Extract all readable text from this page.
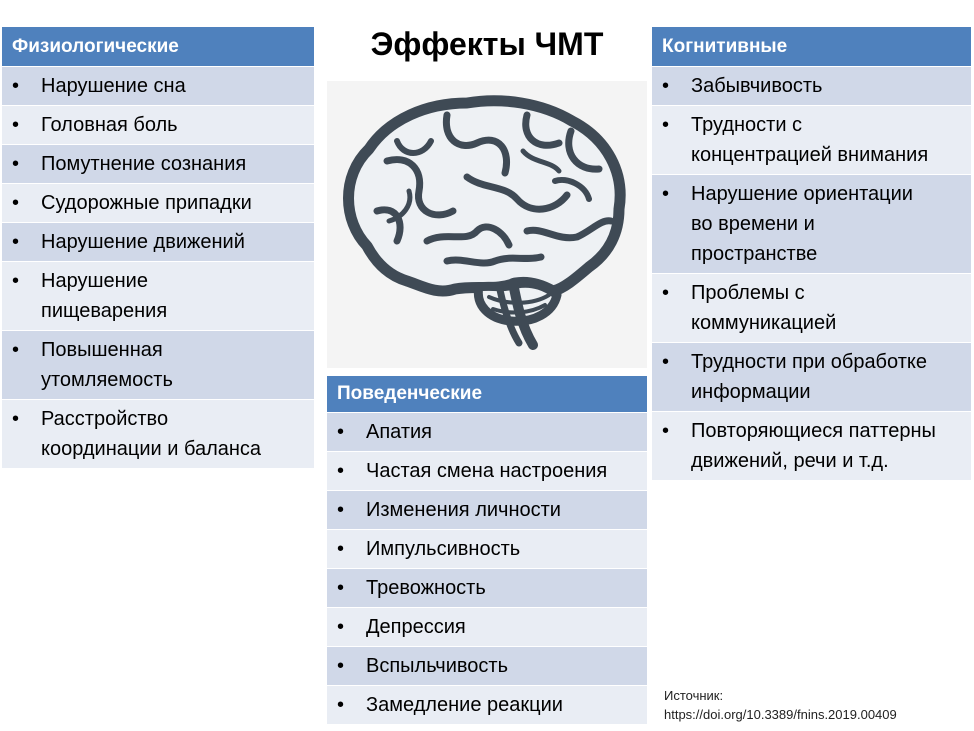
Эффекты ЧМТ
Физиологические
•	Нарушение сна
•	Головная боль
•	Помутнение сознания
•	Судорожные припадки
•	Нарушение движений
•	Нарушение
пищеварения
•	Повышенная
утомляемость
•	Расстройство
координации и баланса
Когнитивные
•	Забывчивость
•	Трудности с
концентрацией внимания
•	Нарушение ориентации
во времени и
пространстве
•	Проблемы с
коммуникацией
•	Трудности при обработке
информации
•	Повторяющиеся паттерны
движений, речи и т.д.
Поведенческие
•	Апатия
•	Частая смена настроения
•	Изменения личности
•	Импульсивность
•	Тревожность
•	Депрессия
•	Вспыльчивость
•	Замедление реакции	Источник:
https://doi.org/10.3389/fnins.2019.00409
